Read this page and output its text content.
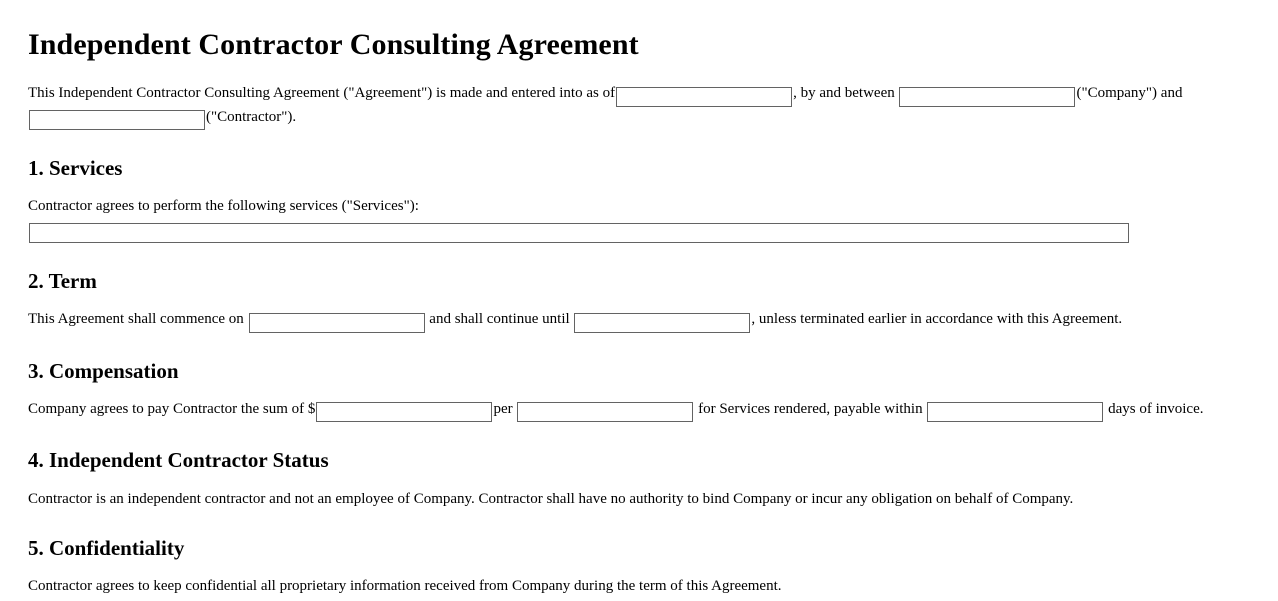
Independent Contractor Consulting Agreement

This Independent Contractor Consulting Agreement ("Agreement") is made and entered into as of	, by and between	("Company") and ("Contractor").

1. Services

Contractor agrees to perform the following services ("Services"):

2. Term

This Agreement shall commence on	and shall continue until	, unless terminated earlier in accordance with this Agreement.

3. Compensation

Company agrees to pay Contractor the sum of $	per	for Services rendered, payable within	days of invoice.

4. Independent Contractor Status

Contractor is an independent contractor and not an employee of Company. Contractor shall have no authority to bind Company or incur any obligation on behalf of Company.

5. Confidentiality

Contractor agrees to keep confidential all proprietary information received from Company during the term of this Agreement.
